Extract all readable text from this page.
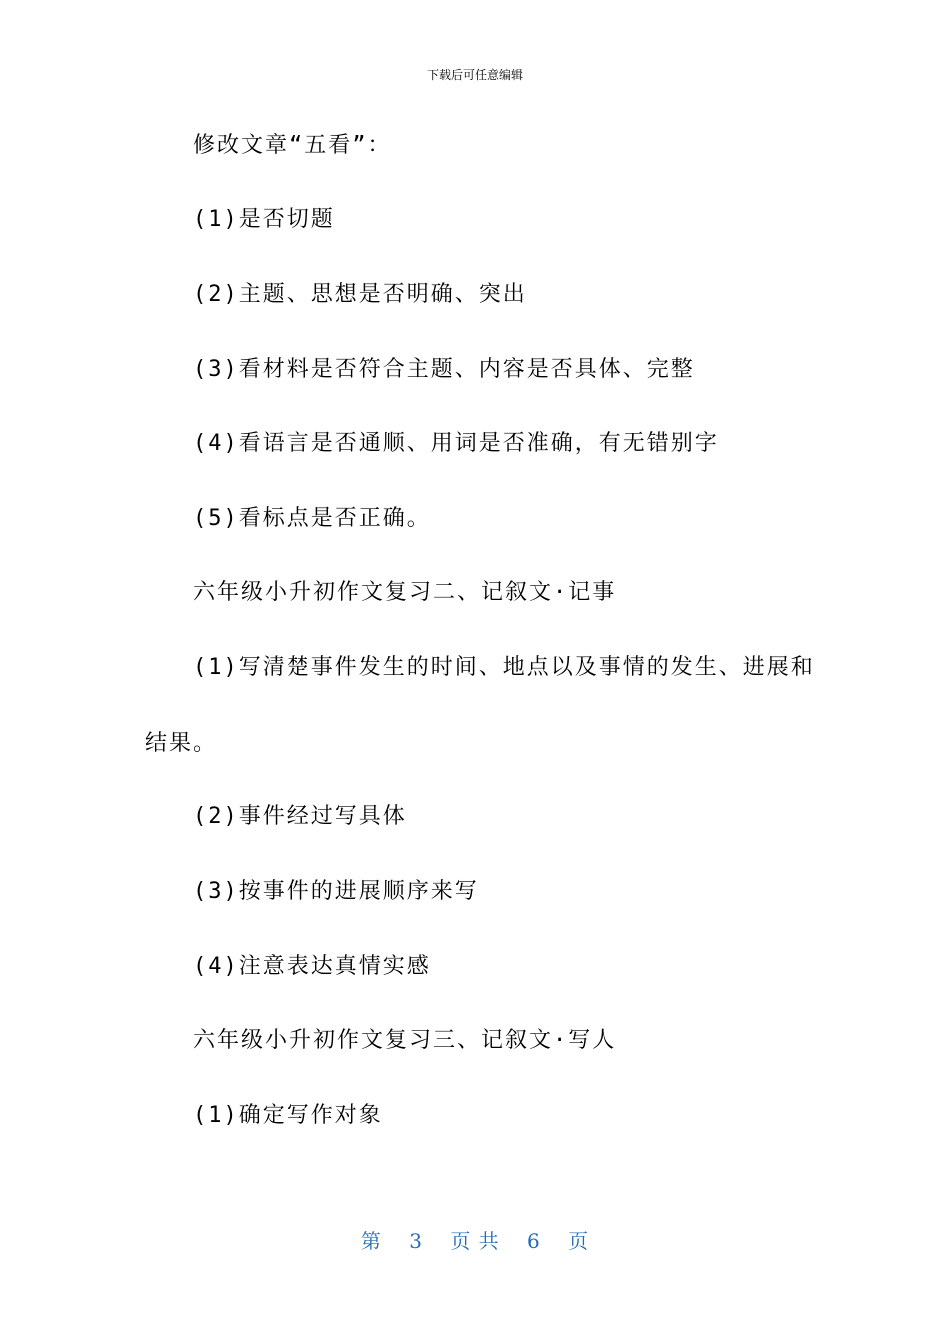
下载后可任意编辑
修改文章“五看”：
(1)是否切题
(2)主题、思想是否明确、突出
(3)看材料是否符合主题、内容是否具体、完整
(4)看语言是否通顺、用词是否准确，有无错别字
(5)看标点是否正确。
六年级小升初作文复习二、记叙文·记事
(1)写清楚事件发生的时间、地点以及事情的发生、进展和
结果。
(2)事件经过写具体
(3)按事件的进展顺序来写
(4)注意表达真情实感
六年级小升初作文复习三、记叙文·写人
(1)确定写作对象
第 3 页 共 6 页
